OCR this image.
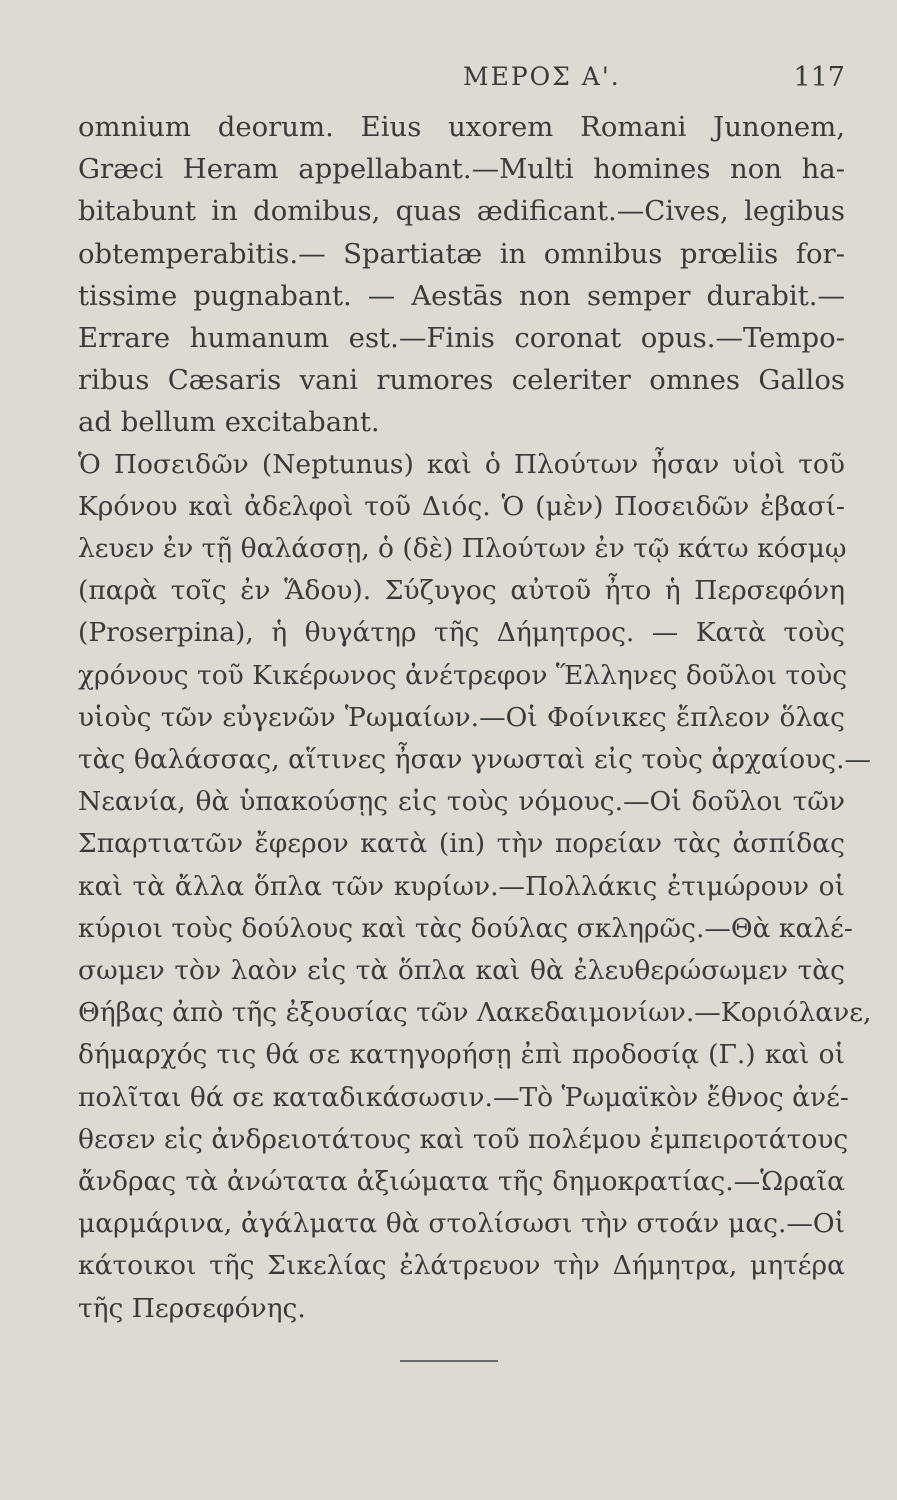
ΜΕΡΟΣ Α'.	117
omnium deorum. Eius uxorem Romani Junonem,
Græci Heram appellabant.—Multi homines non ha-
bitabunt in domibus, quas ædificant.—Cives, legibus
obtemperabitis.— Spartiatæ in omnibus prœliis for-
tissime pugnabant. — Aestās non semper durabit.—
Errare humanum est.—Finis coronat opus.—Tempo-
ribus Cæsaris vani rumores celeriter omnes Gallos
ad bellum excitabant.
Ὁ Ποσειδῶν (Neptunus) καὶ ὁ Πλούτων ἦσαν υἱοὶ τοῦ
Κρόνου καὶ ἀδελφοὶ τοῦ Διός. Ὁ (μὲν) Ποσειδῶν ἐβασί-
λευεν ἐν τῇ θαλάσσῃ, ὁ (δὲ) Πλούτων ἐν τῷ κάτω κόσμῳ
(παρὰ τοῖς ἐν Ἅδου). Σύζυγος αὐτοῦ ἦτο ἡ Περσεφόνη
(Proserpina), ἡ θυγάτηρ τῆς Δήμητρος. — Κατὰ τοὺς
χρόνους τοῦ Κικέρωνος ἀνέτρεφον Ἕλληνες δοῦλοι τοὺς
υἱοὺς τῶν εὐγενῶν Ῥωμαίων.—Οἱ Φοίνικες ἔπλεον ὅλας
τὰς θαλάσσας, αἵτινες ἦσαν γνωσταὶ εἰς τοὺς ἀρχαίους.—
Νεανία, θὰ ὑπακούσῃς εἰς τοὺς νόμους.—Οἱ δοῦλοι τῶν
Σπαρτιατῶν ἔφερον κατὰ (in) τὴν πορείαν τὰς ἀσπίδας
καὶ τὰ ἄλλα ὅπλα τῶν κυρίων.—Πολλάκις ἐτιμώρουν οἱ
κύριοι τοὺς δούλους καὶ τὰς δούλας σκληρῶς.—Θὰ καλέ-
σωμεν τὸν λαὸν εἰς τὰ ὅπλα καὶ θὰ ἐλευθερώσωμεν τὰς
Θήβας ἀπὸ τῆς ἐξουσίας τῶν Λακεδαιμονίων.—Κοριόλανε,
δήμαρχός τις θά σε κατηγορήσῃ ἐπὶ προδοσίᾳ (Γ.) καὶ οἱ
πολῖται θά σε καταδικάσωσιν.—Τὸ Ῥωμαϊκὸν ἔθνος ἀνέ-
θεσεν εἰς ἀνδρειοτάτους καὶ τοῦ πολέμου ἐμπειροτάτους
ἄνδρας τὰ ἀνώτατα ἀξιώματα τῆς δημοκρατίας.—Ὡραῖα
μαρμάρινα, ἀγάλματα θὰ στολίσωσι τὴν στοάν μας.—Οἱ
κάτοικοι τῆς Σικελίας ἐλάτρευον τὴν Δήμητρα, μητέρα
τῆς Περσεφόνης.
